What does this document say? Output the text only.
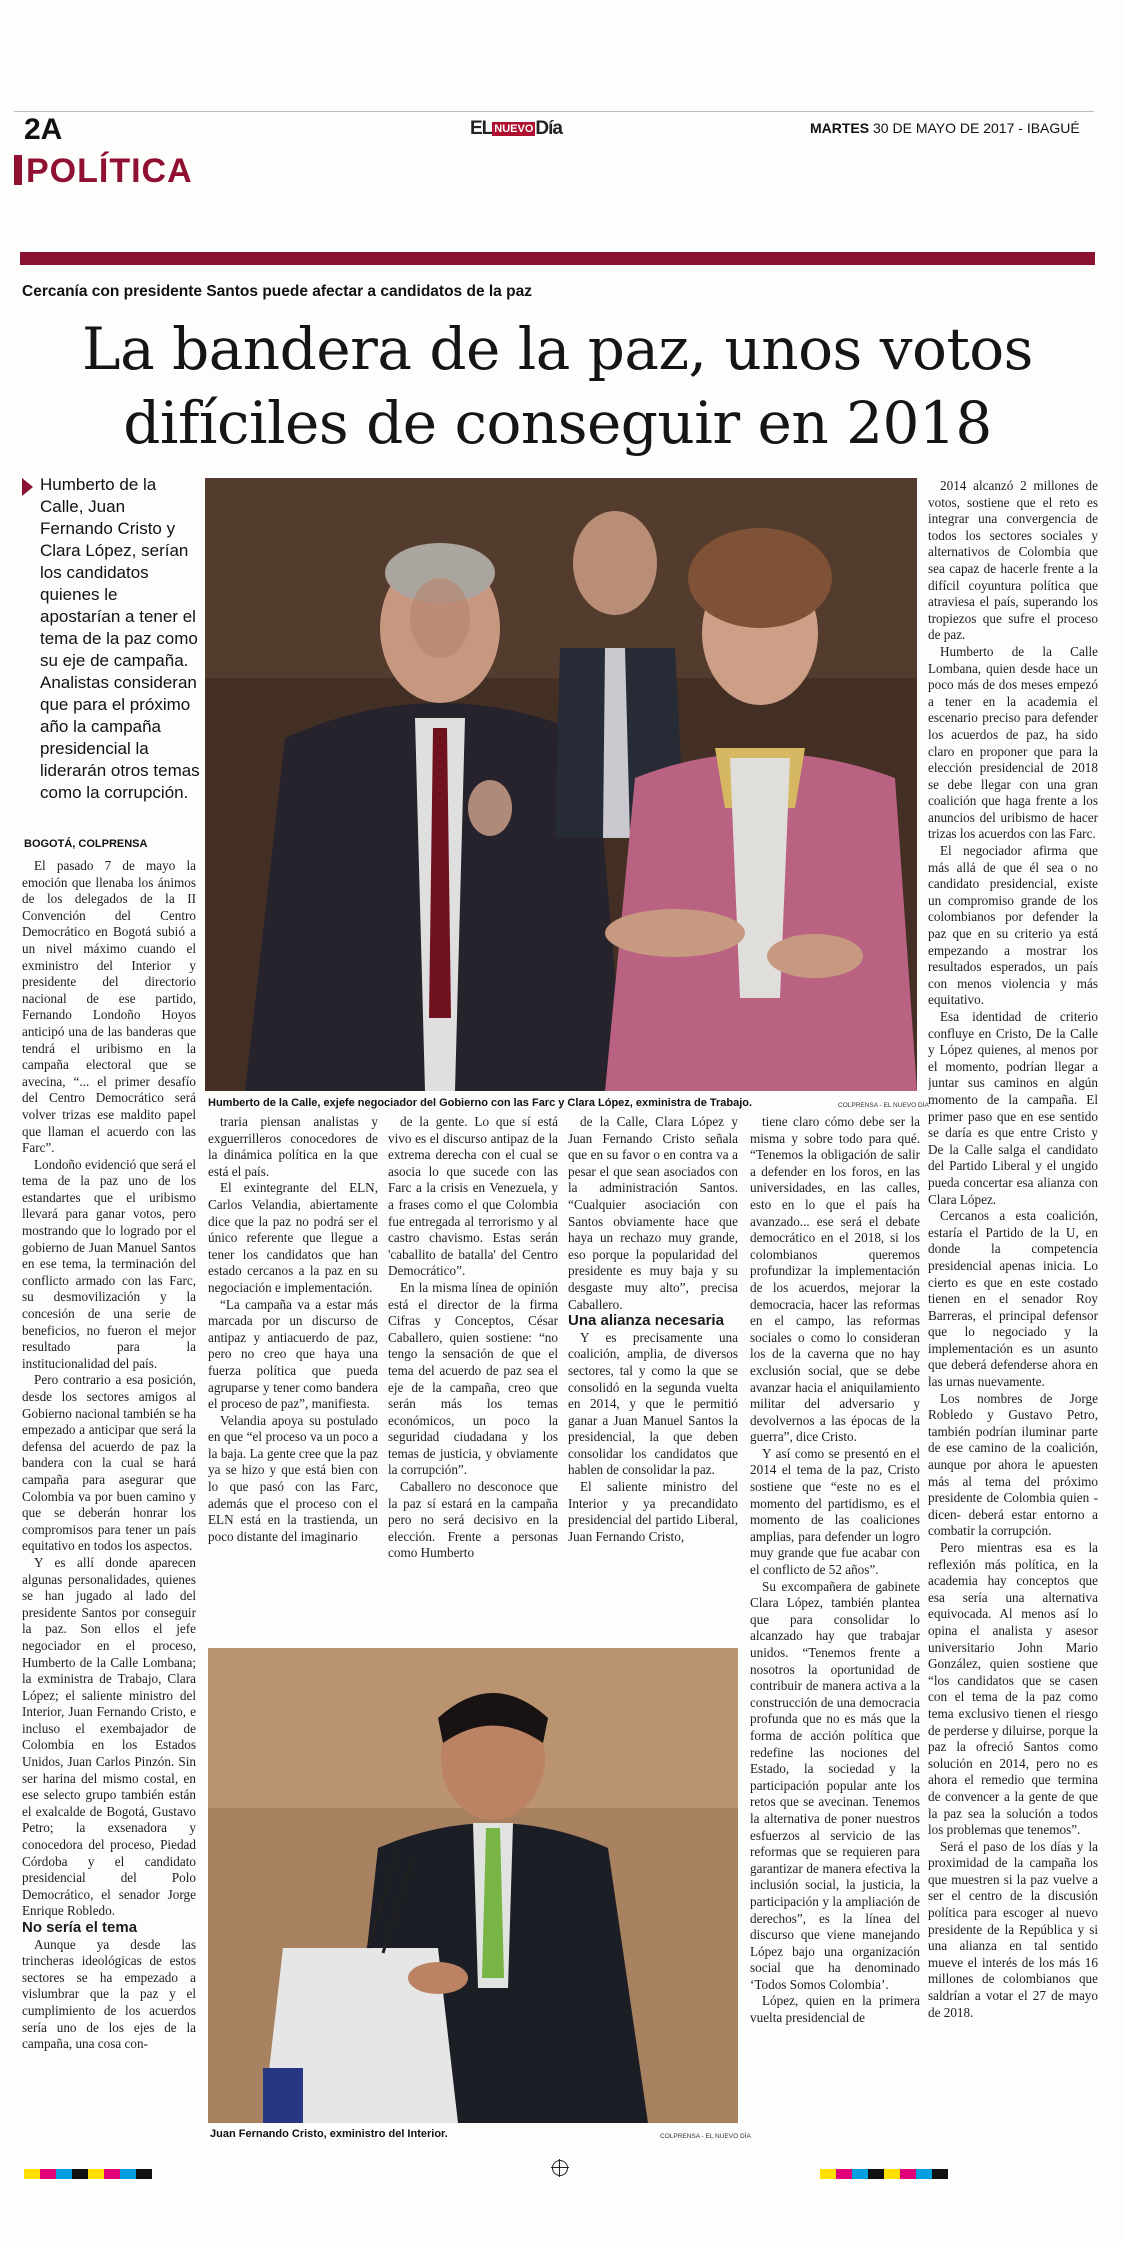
2A	EL NUEVO Día	MARTES 30 DE MAYO DE 2017 - IBAGUÉ
POLÍTICA
Cercanía con presidente Santos puede afectar a candidatos de la paz
La bandera de la paz, unos votos
difíciles de conseguir en 2018
Humberto de la Calle, Juan Fernando Cristo y Clara López, serían los candidatos quienes le apostarían a tener el tema de la paz como su eje de campaña. Analistas consideran que para el próximo año la campaña presidencial la liderarán otros temas como la corrupción.
BOGOTÁ, COLPRENSA
Humberto de la Calle, exjefe negociador del Gobierno con las Farc y Clara López, exministra de Trabajo.	COLPRENSA - EL NUEVO DÍA
Juan Fernando Cristo, exministro del Interior.	COLPRENSA - EL NUEVO DÍA

El pasado 7 de mayo la emoción que llenaba los ánimos de los delegados de la II Convención del Centro Democrático en Bogotá subió a un nivel máximo cuando el exministro del Interior y presidente del directorio nacional de ese partido, Fernando Londoño Hoyos anticipó una de las banderas que tendrá el uribismo en la campaña electoral que se avecina, “... el primer desafío del Centro Democrático será volver trizas ese maldito papel que llaman el acuerdo con las Farc”.

Londoño evidenció que será el tema de la paz uno de los estandartes que el uribismo llevará para ganar votos, pero mostrando que lo logrado por el gobierno de Juan Manuel Santos en ese tema, la terminación del conflicto armado con las Farc, su desmovilización y la concesión de una serie de beneficios, no fueron el mejor resultado para la institucionalidad del país.

Pero contrario a esa posición, desde los sectores amigos al Gobierno nacional también se ha empezado a anticipar que será la defensa del acuerdo de paz la bandera con la cual se hará campaña para asegurar que Colombia va por buen camino y que se deberán honrar los compromisos para tener un país equitativo en todos los aspectos.

Y es allí donde aparecen algunas personalidades, quienes se han jugado al lado del presidente Santos por conseguir la paz. Son ellos el jefe negociador en el proceso, Humberto de la Calle Lombana; la exministra de Trabajo, Clara López; el saliente ministro del Interior, Juan Fernando Cristo, e incluso el exembajador de Colombia en los Estados Unidos, Juan Carlos Pinzón. Sin ser harina del mismo costal, en ese selecto grupo también están el exalcalde de Bogotá, Gustavo Petro; la exsenadora y conocedora del proceso, Piedad Córdoba y el candidato presidencial del Polo Democrático, el senador Jorge Enrique Robledo.

No sería el tema

Aunque ya desde las trincheras ideológicas de estos sectores se ha empezado a vislumbrar que la paz y el cumplimiento de los acuerdos sería uno de los ejes de la campaña, una cosa con-

traria piensan analistas y exguerrilleros conocedores de la dinámica política en la que está el país.

El exintegrante del ELN, Carlos Velandia, abiertamente dice que la paz no podrá ser el único referente que llegue a tener los candidatos que han estado cercanos a la paz en su negociación e implementación.

“La campaña va a estar más marcada por un discurso de antipaz y antiacuerdo de paz, pero no creo que haya una fuerza política que pueda agruparse y tener como bandera el proceso de paz”, manifiesta.

Velandia apoya su postulado en que “el proceso va un poco a la baja. La gente cree que la paz ya se hizo y que está bien con lo que pasó con las Farc, además que el proceso con el ELN está en la trastienda, un poco distante del imaginario

de la gente. Lo que sí está vivo es el discurso antipaz de la extrema derecha con el cual se asocia lo que sucede con las Farc a la crisis en Venezuela, y a frases como el que Colombia fue entregada al terrorismo y al castro chavismo. Estas serán 'caballito de batalla' del Centro Democrático”.

En la misma línea de opinión está el director de la firma Cifras y Conceptos, César Caballero, quien sostiene: “no tengo la sensación de que el tema del acuerdo de paz sea el eje de la campaña, creo que serán más los temas económicos, un poco la seguridad ciudadana y los temas de justicia, y obviamente la corrupción”.

Caballero no desconoce que la paz sí estará en la campaña pero no será decisivo en la elección. Frente a personas como Humberto

de la Calle, Clara López y Juan Fernando Cristo señala que en su favor o en contra va a pesar el que sean asociados con la administración Santos. “Cualquier asociación con Santos obviamente hace que haya un rechazo muy grande, eso porque la popularidad del presidente es muy baja y su desgaste muy alto”, precisa Caballero.

Una alianza necesaria

Y es precisamente una coalición, amplia, de diversos sectores, tal y como la que se consolidó en la segunda vuelta en 2014, y que le permitió ganar a Juan Manuel Santos la presidencial, la que deben consolidar los candidatos que hablen de consolidar la paz.

El saliente ministro del Interior y ya precandidato presidencial del partido Liberal, Juan Fernando Cristo,

tiene claro cómo debe ser la misma y sobre todo para qué. “Tenemos la obligación de salir a defender en los foros, en las universidades, en las calles, esto en lo que el país ha avanzado... ese será el debate democrático en el 2018, si los colombianos queremos profundizar la implementación de los acuerdos, mejorar la democracia, hacer las reformas en el campo, las reformas sociales o como lo consideran los de la caverna que no hay exclusión social, que se debe avanzar hacia el aniquilamiento militar del adversario y devolvernos a las épocas de la guerra”, dice Cristo.

Y así como se presentó en el 2014 el tema de la paz, Cristo sostiene que “este no es el momento del partidismo, es el momento de las coaliciones amplias, para defender un logro muy grande que fue acabar con el conflicto de 52 años”.

Su excompañera de gabinete Clara López, también plantea que para consolidar lo alcanzado hay que trabajar unidos. “Tenemos frente a nosotros la oportunidad de contribuir de manera activa a la construcción de una democracia profunda que no es más que la forma de acción política que redefine las nociones del Estado, la sociedad y la participación popular ante los retos que se avecinan. Tenemos la alternativa de poner nuestros esfuerzos al servicio de las reformas que se requieren para garantizar de manera efectiva la inclusión social, la justicia, la participación y la ampliación de derechos”, es la línea del discurso que viene manejando López bajo una organización social que ha denominado ‘Todos Somos Colombia’.

López, quien en la primera vuelta presidencial de

2014 alcanzó 2 millones de votos, sostiene que el reto es integrar una convergencia de todos los sectores sociales y alternativos de Colombia que sea capaz de hacerle frente a la difícil coyuntura política que atraviesa el país, superando los tropiezos que sufre el proceso de paz.

Humberto de la Calle Lombana, quien desde hace un poco más de dos meses empezó a tener en la academia el escenario preciso para defender los acuerdos de paz, ha sido claro en proponer que para la elección presidencial de 2018 se debe llegar con una gran coalición que haga frente a los anuncios del uribismo de hacer trizas los acuerdos con las Farc.

El negociador afirma que más allá de que él sea o no candidato presidencial, existe un compromiso grande de los colombianos por defender la paz que en su criterio ya está empezando a mostrar los resultados esperados, un país con menos violencia y más equitativo.

Esa identidad de criterio confluye en Cristo, De la Calle y López quienes, al menos por el momento, podrían llegar a juntar sus caminos en algún momento de la campaña. El primer paso que en ese sentido se daría es que entre Cristo y De la Calle salga el candidato del Partido Liberal y el ungido pueda concertar esa alianza con Clara López.

Cercanos a esta coalición, estaría el Partido de la U, en donde la competencia presidencial apenas inicia. Lo cierto es que en este costado tienen en el senador Roy Barreras, el principal defensor que lo negociado y la implementación es un asunto que deberá defenderse ahora en las urnas nuevamente.

Los nombres de Jorge Robledo y Gustavo Petro, también podrían iluminar parte de ese camino de la coalición, aunque por ahora le apuesten más al tema del próximo presidente de Colombia quien -dicen- deberá estar entorno a combatir la corrupción.

Pero mientras esa es la reflexión más política, en la academia hay conceptos que esa sería una alternativa equivocada. Al menos así lo opina el analista y asesor universitario John Mario González, quien sostiene que “los candidatos que se casen con el tema de la paz como tema exclusivo tienen el riesgo de perderse y diluirse, porque la paz la ofreció Santos como solución en 2014, pero no es ahora el remedio que termina de convencer a la gente de que la paz sea la solución a todos los problemas que tenemos”.

Será el paso de los días y la proximidad de la campaña los que muestren si la paz vuelve a ser el centro de la discusión política para escoger al nuevo presidente de la República y si una alianza en tal sentido mueve el interés de los más 16 millones de colombianos que saldrían a votar el 27 de mayo de 2018.
